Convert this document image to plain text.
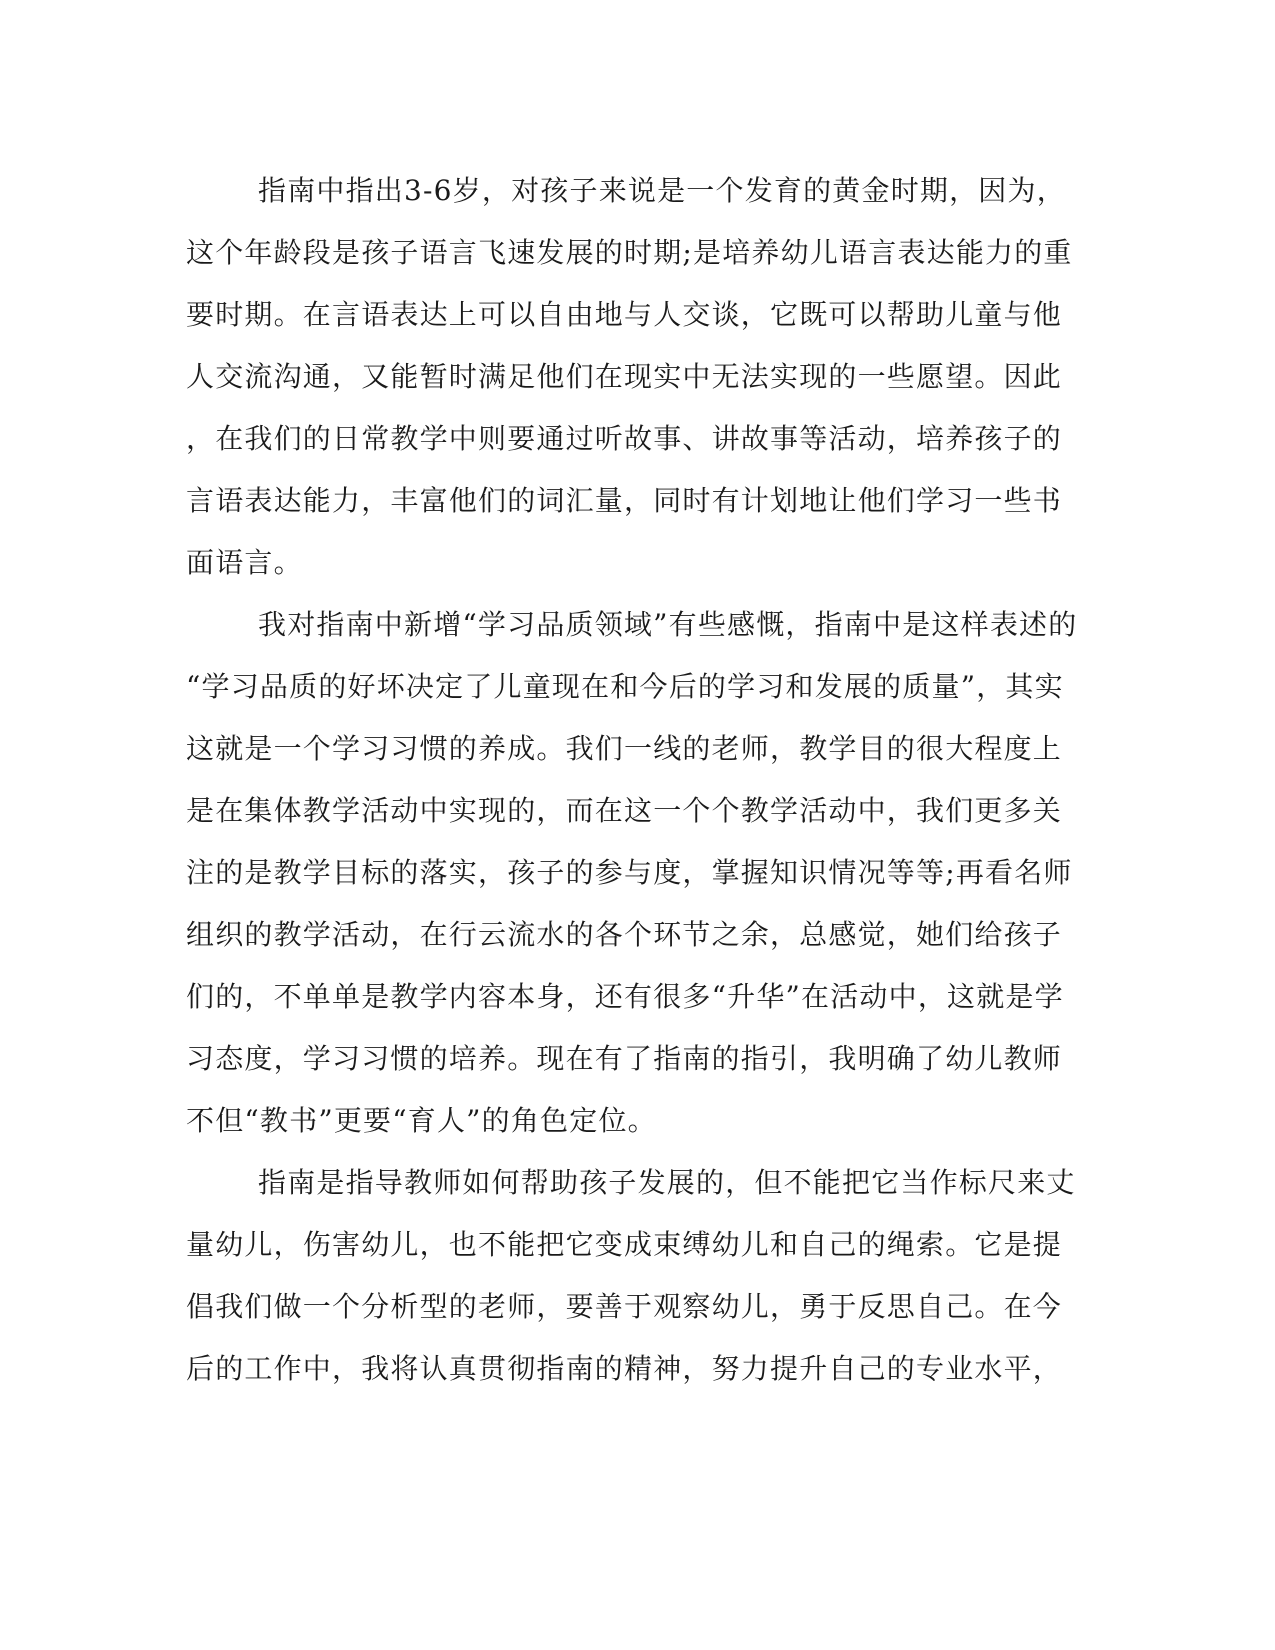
指南中指出3-6岁，对孩子来说是一个发育的黄金时期，因为，
这个年龄段是孩子语言飞速发展的时期;是培养幼儿语言表达能力的重
要时期。在言语表达上可以自由地与人交谈，它既可以帮助儿童与他
人交流沟通，又能暂时满足他们在现实中无法实现的一些愿望。因此
，在我们的日常教学中则要通过听故事、讲故事等活动，培养孩子的
言语表达能力，丰富他们的词汇量，同时有计划地让他们学习一些书
面语言。
我对指南中新增“学习品质领域”有些感慨，指南中是这样表述的
“学习品质的好坏决定了儿童现在和今后的学习和发展的质量”，其实
这就是一个学习习惯的养成。我们一线的老师，教学目的很大程度上
是在集体教学活动中实现的，而在这一个个教学活动中，我们更多关
注的是教学目标的落实，孩子的参与度，掌握知识情况等等;再看名师
组织的教学活动，在行云流水的各个环节之余，总感觉，她们给孩子
们的，不单单是教学内容本身，还有很多“升华”在活动中，这就是学
习态度，学习习惯的培养。现在有了指南的指引，我明确了幼儿教师
不但“教书”更要“育人”的角色定位。
指南是指导教师如何帮助孩子发展的，但不能把它当作标尺来丈
量幼儿，伤害幼儿，也不能把它变成束缚幼儿和自己的绳索。它是提
倡我们做一个分析型的老师，要善于观察幼儿，勇于反思自己。在今
后的工作中，我将认真贯彻指南的精神，努力提升自己的专业水平，
